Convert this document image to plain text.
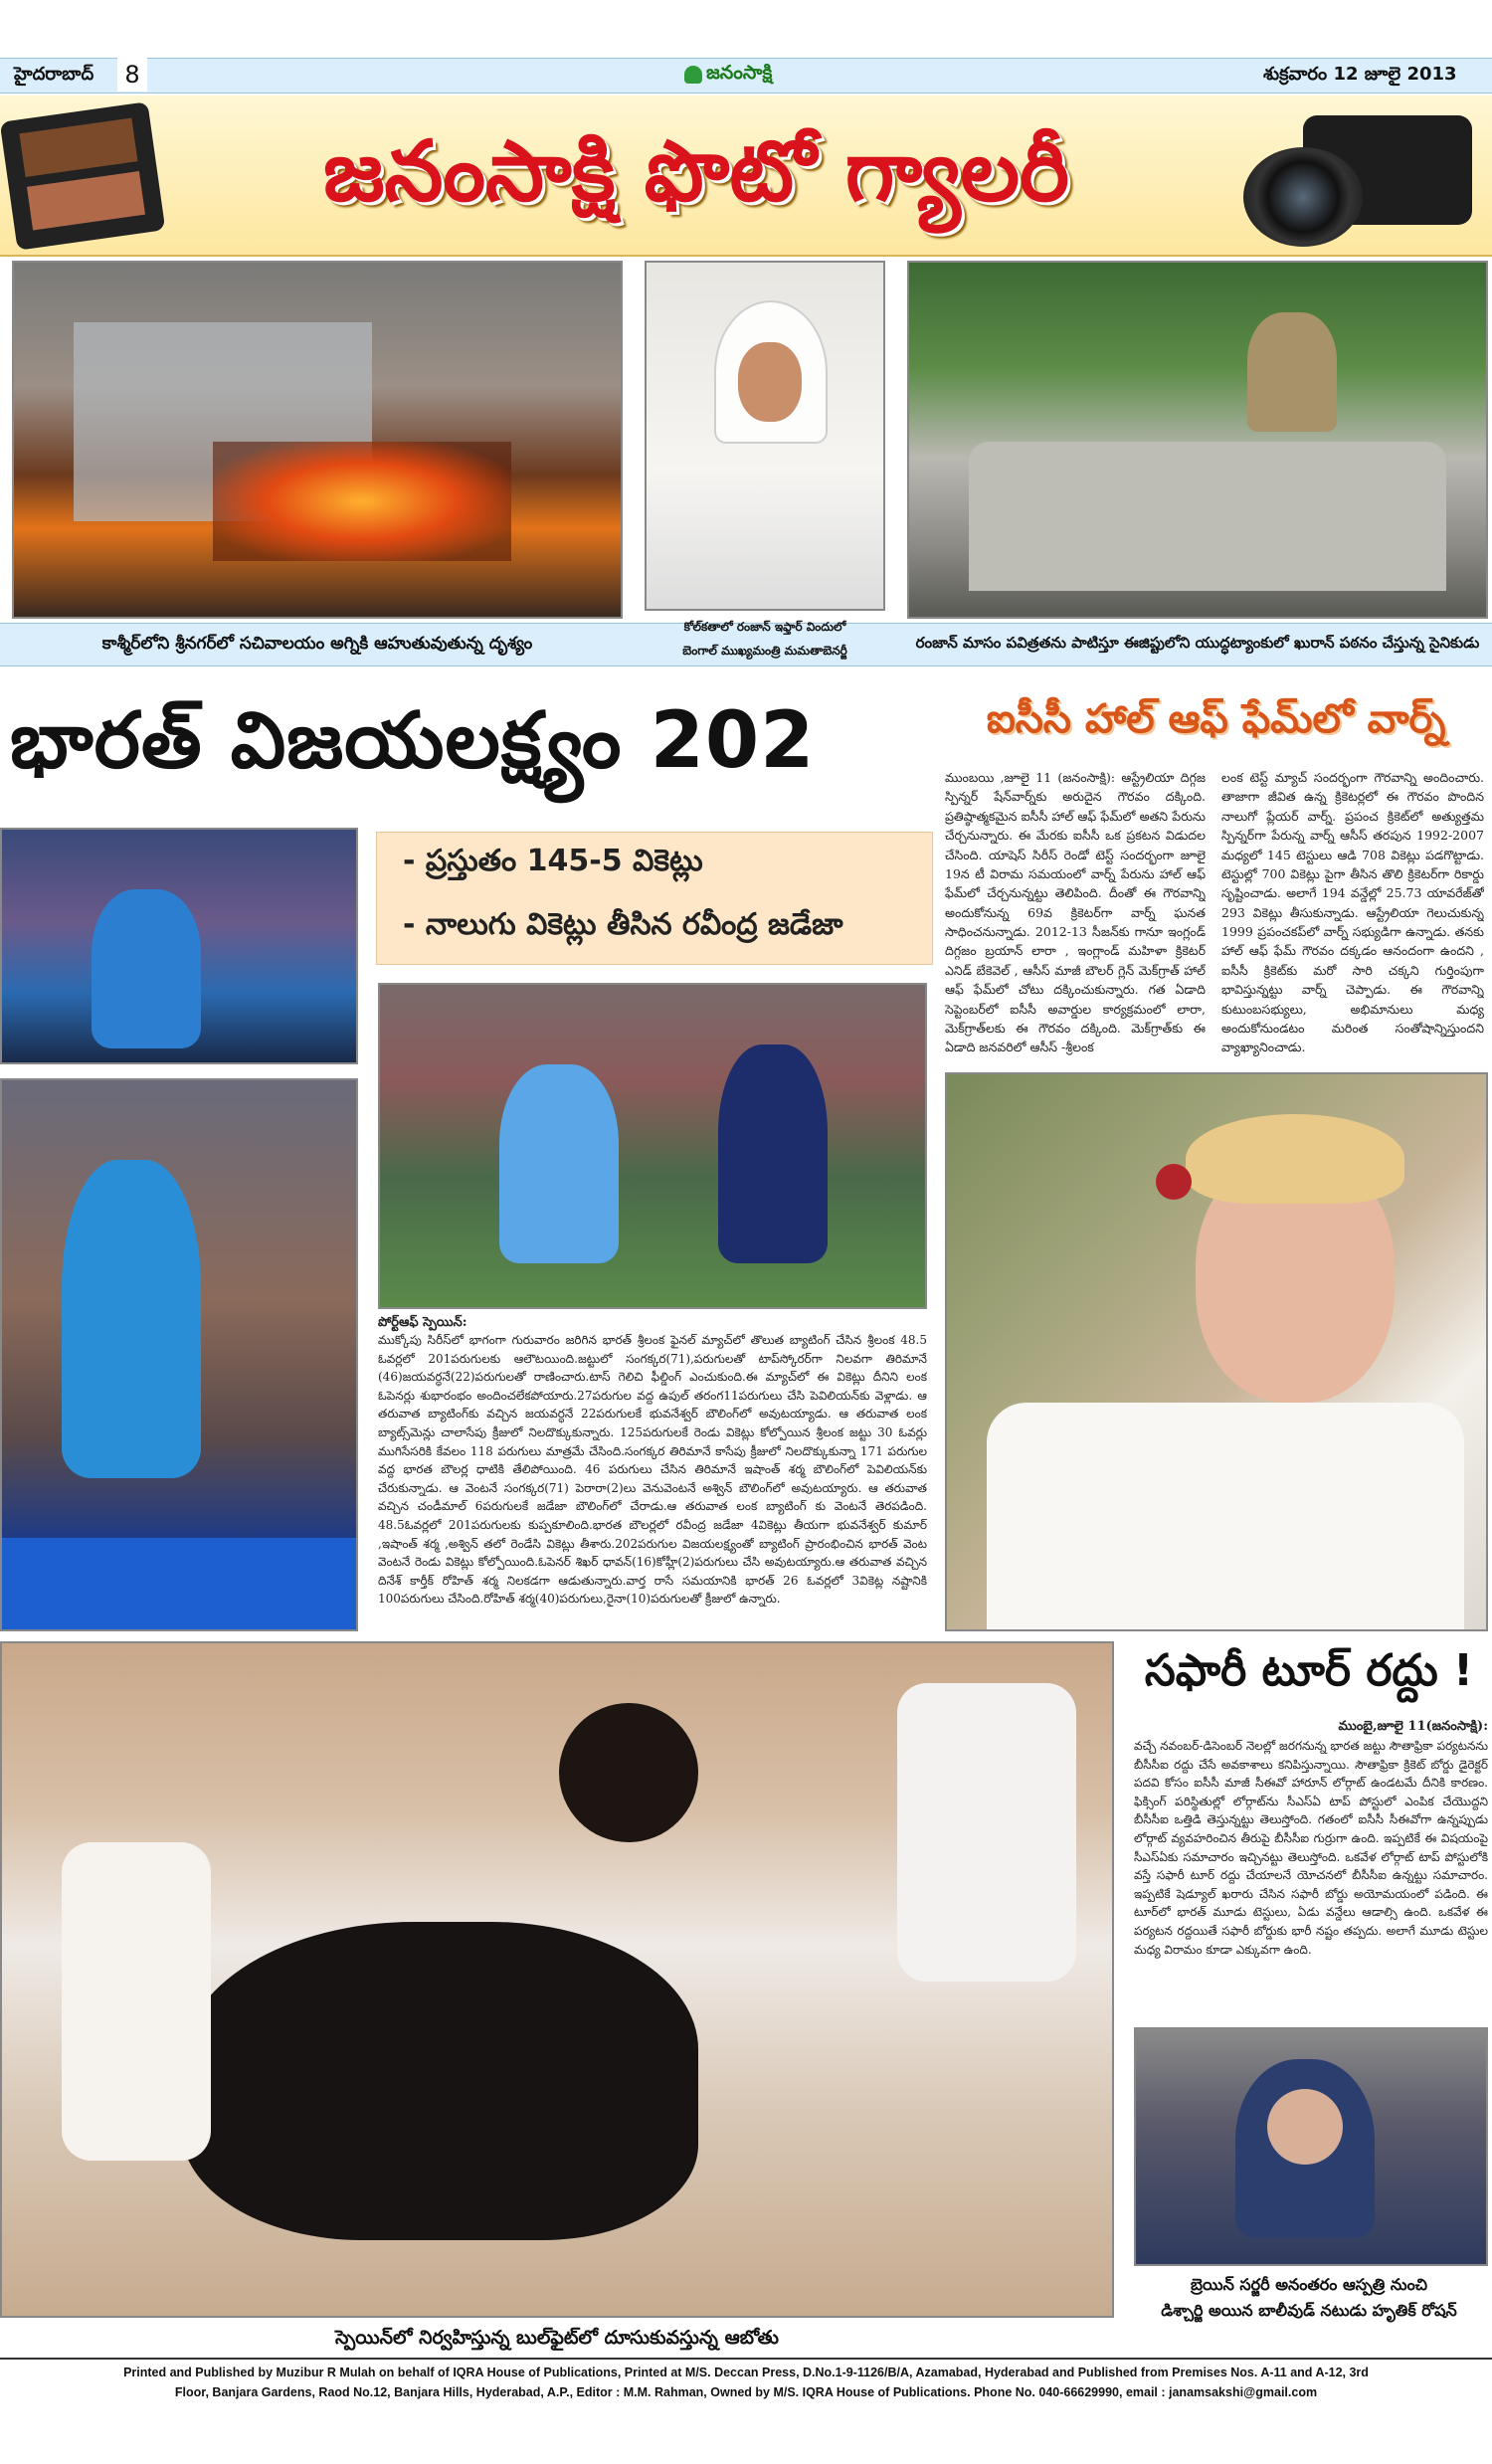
హైదరాబాద్	8	జనంసాక్షి	శుక్రవారం 12 జూలై 2013
జనంసాక్షి ఫొటో గ్యాలరీ
కాశ్మీర్‌లోని శ్రీనగర్‌లో సచివాలయం అగ్నికి ఆహుతువుతున్న దృశ్యం
కోల్‌కతాలో రంజాన్ ఇఫ్తార్ విందులో
బెంగాల్ ముఖ్యమంత్రి మమతాబెనర్జీ	రంజాన్ మాసం పవిత్రతను పాటిస్తూ ఈజిప్టులోని యుద్ధట్యాంకులో ఖురాన్ పఠనం చేస్తున్న సైనికుడు
భారత్ విజయలక్ష్యం 202	ఐసీసీ హాల్ ఆఫ్ ఫేమ్‌లో వార్న్
ముంబయి ,జూలై 11 (జనంసాక్షి): ఆస్ట్రేలియా దిగ్గజ స్పిన్నర్ షేన్‌వార్న్‌కు అరుదైన గౌరవం దక్కింది. ప్రతిష్ఠాత్మకమైన ఐసీసీ హాల్ ఆఫ్ ఫేమ్‌లో అతని పేరును చేర్చనున్నారు. ఈ మేరకు ఐసీసీ ఒక ప్రకటన విడుదల చేసింది. యాషెస్ సిరీస్ రెండో టెస్ట్ సందర్భంగా జూలై 19న టీ విరామ సమయంలో వార్న్ పేరును హాల్ ఆఫ్ ఫేమ్‌లో చేర్చనున్నట్టు తెలిపింది. దీంతో ఈ గౌరవాన్ని అందుకోనున్న 69వ క్రికెటర్‌గా వార్న్ ఘనత సాధించనున్నాడు. 2012-13 సీజన్‌కు గానూ ఇంగ్లండ్ దిగ్గజం బ్రయాన్ లారా , ఇంగ్లాండ్ మహిళా క్రికెటర్ ఎనిడ్ బేకెవెల్ , ఆసీస్ మాజీ బౌలర్ గ్లెన్ మెక్‌గ్రాత్ హాల్ ఆఫ్ ఫేమ్‌లో చోటు దక్కించుకున్నారు. గత ఏడాది సెప్టెంబర్‌లో ఐసీసీ అవార్డుల కార్యక్రమంలో లారా, మెక్‌గ్రాత్‌లకు ఈ గౌరవం దక్కింది. మెక్‌గ్రాత్‌కు ఈ ఏడాది జనవరిలో ఆసీస్ -శ్రీలంక
లంక టెస్ట్ మ్యాచ్ సందర్భంగా గౌరవాన్ని అందించారు. తాజాగా జీవిత ఉన్న క్రికెటర్లలో ఈ గౌరవం పొందిన నాలుగో ప్లేయర్ వార్న్. ప్రపంచ క్రికెట్‌లో అత్యుత్తమ స్పిన్నర్‌గా పేరున్న వార్న్ ఆసీస్ తరపున 1992-2007 మధ్యలో 145 టెస్టులు ఆడి 708 వికెట్లు పడగొట్టాడు. టెస్టుల్లో 700 వికెట్లు పైగా తీసిన తొలి క్రికెటర్‌గా రికార్డు సృష్టించాడు. అలాగే 194 వన్డేల్లో 25.73 యావరేజ్‌తో 293 వికెట్లు తీసుకున్నాడు. ఆస్ట్రేలియా గెలుచుకున్న 1999 ప్రపంచకప్‌లో వార్న్ సభ్యుడిగా ఉన్నాడు. తనకు హాల్ ఆఫ్ ఫేమ్ గౌరవం దక్కడం ఆనందంగా ఉందని , ఐసీసీ క్రికెట్‌కు మరో సారి చక్కని గుర్తింపుగా భావిస్తున్నట్టు వార్న్ చెప్పాడు. ఈ గౌరవాన్ని కుటుంబసభ్యులు, అభిమానులు మధ్య అందుకోనుండటం మరింత సంతోషాన్నిస్తుందని వ్యాఖ్యానించాడు.
- ప్రస్తుతం 145-5 వికెట్లు
- నాలుగు వికెట్లు తీసిన రవీంద్ర జడేజా
పోర్ట్‌ఆఫ్ స్పెయిన్:
ముక్కోపు సిరీస్‌లో భాగంగా గురువారం జరిగిన భారత్ శ్రీలంక ఫైనల్ మ్యాచ్‌లో తొలుత బ్యాటింగ్ చేసిన శ్రీలంక 48.5 ఓవర్లలో 201పరుగులకు ఆలౌటయింది.జట్టులో సంగక్కర(71),పరుగులతో టాప్‌స్కోరర్‌గా నిలవగా తిరిమానే (46)జయవర్ధనే(22)పరుగులతో రాణించారు.టాస్ గెలిచి ఫీల్డింగ్ ఎంచుకుంది.ఈ మ్యాచ్‌లో ఈ వికెట్లు దీనిని లంక ఓపెనర్లు శుభారంభం అందించలేకపోయారు.27పరుగుల వద్ద ఉపుల్ తరంగ11పరుగులు చేసి పెవిలియన్‌కు వెళ్లాడు. ఆ తరువాత బ్యాటింగ్‌కు వచ్చిన జయవర్ధనే 22పరుగులకే భువనేశ్వర్ బౌలింగ్‌లో అవుటయ్యాడు. ఆ తరువాత లంక బ్యాట్స్‌మెన్లు చాలాసేపు క్రీజులో నిలదొక్కుకున్నారు. 125పరుగులకే రెండు వికెట్లు కోల్పోయిన శ్రీలంక జట్టు 30 ఓవర్లు ముగిసేసరికి కేవలం 118 పరుగులు మాత్రమే చేసింది.సంగక్కర తిరిమానే కాసేపు క్రీజులో నిలదొక్కుకున్నా 171 పరుగుల వద్ద భారత బౌలర్ల ధాటికి తేలిపోయింది. 46 పరుగులు చేసిన తిరిమానే ఇషాంత్ శర్మ బౌలింగ్‌లో పెవిలియన్‌కు చేరుకున్నాడు. ఆ వెంటనే సంగక్కర(71) పెరారా(2)లు వెనువెంటనే అశ్విన్ బౌలింగ్‌లో అవుటయ్యారు. ఆ తరువాత వచ్చిన చండీమాల్ 6పరుగులకే జడేజా బౌలింగ్‌లో చేరాడు.ఆ తరువాత లంక బ్యాటింగ్ కు వెంటనే తెరపడింది. 48.5ఓవర్లలో 201పరుగులకు కుప్పకూలింది.భారత బౌలర్లలో రవీంద్ర జడేజా 4వికెట్లు తీయగా భువనేశ్వర్ కుమార్ ,ఇషాంత్ శర్మ ,అశ్విన్ తలో రెండేసి వికెట్లు తీశారు.202పరుగుల విజయలక్ష్యంతో బ్యాటింగ్ ప్రారంభించిన భారత్ వెంట వెంటనే రెండు వికెట్లు కోల్పోయింది.ఓపెనర్ శిఖర్ ధావన్(16)కోహ్లీ(2)పరుగులు చేసి అవుటయ్యారు.ఆ తరువాత వచ్చిన దినేశ్ కార్తీక్ రోహిత్ శర్మ నిలకడగా ఆడుతున్నారు.వార్త రాసే సమయానికి భారత్ 26 ఓవర్లలో 3వికెట్ల నష్టానికి 100పరుగులు చేసింది.రోహిత్ శర్మ(40)పరుగులు,రైనా(10)పరుగులతో క్రీజులో ఉన్నారు.
స్పెయిన్‌లో నిర్వహిస్తున్న బుల్‌ఫైట్‌లో దూసుకువస్తున్న ఆబోతు
సఫారీ టూర్ రద్దు !
ముంబై,జూలై 11(జనంసాక్షి):
వచ్చే నవంబర్-డిసెంబర్ నెలల్లో జరగనున్న భారత జట్టు సౌతాఫ్రికా పర్యటనను బీసీసీఐ రద్దు చేసే అవకాశాలు కనిపిస్తున్నాయి. సౌతాఫ్రికా క్రికెట్ బోర్డు డైరెక్టర్ పదవి కోసం ఐసీసీ మాజీ సీఈవో హారూన్ లోర్గాట్ ఉండటమే దీనికి కారణం. ఫిక్సింగ్ పరిస్థితుల్లో లోర్గాట్‌ను సీఎస్‌ఏ టాప్ పోస్టులో ఎంపిక చేయొద్దని బీసీసీఐ ఒత్తిడి తెస్తున్నట్టు తెలుస్తోంది. గతంలో ఐసీసీ సీఈవోగా ఉన్నప్పుడు లోర్గాట్ వ్యవహరించిన తీరుపై బీసీసీఐ గుర్రుగా ఉంది. ఇప్పటికే ఈ విషయంపై సీఎస్‌ఏకు సమాచారం ఇచ్చినట్టు తెలుస్తోంది. ఒకవేళ లోర్గాట్ టాప్ పోస్టులోకి వస్తే సఫారీ టూర్ రద్దు చేయాలనే యోచనలో బీసీసీఐ ఉన్నట్టు సమాచారం. ఇప్పటికే షెడ్యూల్ ఖరారు చేసిన సఫారీ బోర్డు అయోమయంలో పడింది. ఈ టూర్‌లో భారత్ మూడు టెస్టులు, ఏడు వన్డేలు ఆడాల్సి ఉంది. ఒకవేళ ఈ పర్యటన రద్దయితే సఫారీ బోర్డుకు భారీ నష్టం తప్పదు. అలాగే మూడు టెస్టుల మధ్య విరామం కూడా ఎక్కువగా ఉంది.
బ్రెయిన్ సర్జరీ అనంతరం ఆస్పత్రి నుంచి
డిశ్చార్జి అయిన బాలీవుడ్ నటుడు హృతిక్ రోషన్
Printed and Published by Muzibur R Mulah on behalf of IQRA House of Publications, Printed at M/S. Deccan Press, D.No.1-9-1126/B/A, Azamabad, Hyderabad and Published from Premises Nos. A-11 and A-12, 3rd
Floor, Banjara Gardens, Raod No.12, Banjara Hills, Hyderabad, A.P., Editor : M.M. Rahman, Owned by M/S. IQRA House of Publications. Phone No. 040-66629990, email : janamsakshi@gmail.com
